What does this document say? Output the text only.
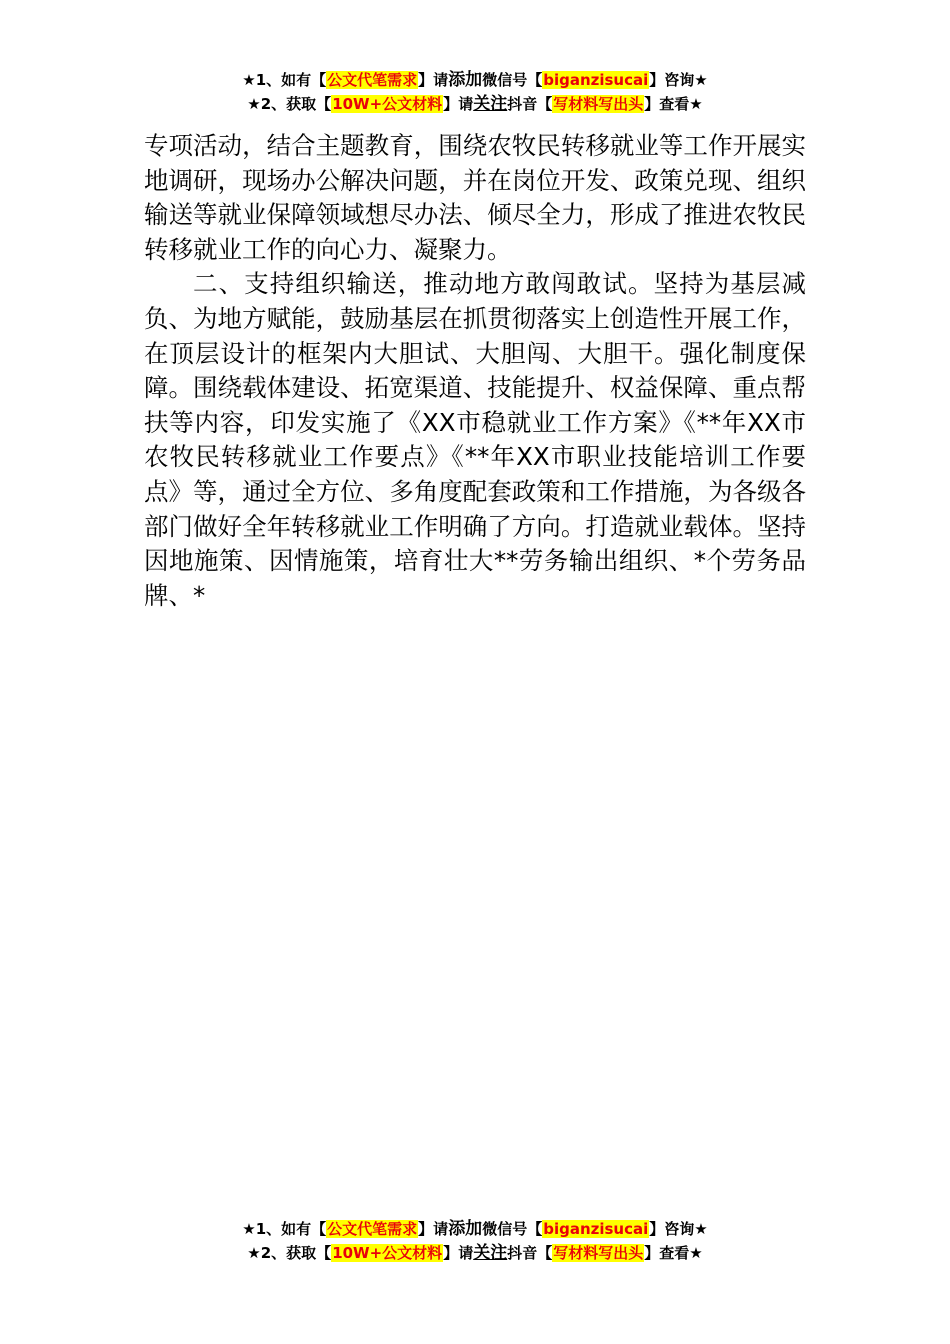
★1、如有【公文代笔需求】请添加微信号【biganzisucai】咨询★
★2、获取【10W+公文材料】请关注抖音【写材料写出头】查看★

专项活动，结合主题教育，围绕农牧民转移就业等工作开展实地调研，现场办公解决问题，并在岗位开发、政策兑现、组织输送等就业保障领域想尽办法、倾尽全力，形成了推进农牧民转移就业工作的向心力、凝聚力。

二、支持组织输送，推动地方敢闯敢试。坚持为基层减负、为地方赋能，鼓励基层在抓贯彻落实上创造性开展工作，在顶层设计的框架内大胆试、大胆闯、大胆干。强化制度保障。围绕载体建设、拓宽渠道、技能提升、权益保障、重点帮扶等内容，印发实施了《XX市稳就业工作方案》《**年XX市农牧民转移就业工作要点》《**年XX市职业技能培训工作要点》等，通过全方位、多角度配套政策和工作措施，为各级各部门做好全年转移就业工作明确了方向。打造就业载体。坚持因地施策、因情施策，培育壮大**劳务输出组织、*个劳务品牌、*

★1、如有【公文代笔需求】请添加微信号【biganzisucai】咨询★
★2、获取【10W+公文材料】请关注抖音【写材料写出头】查看★
